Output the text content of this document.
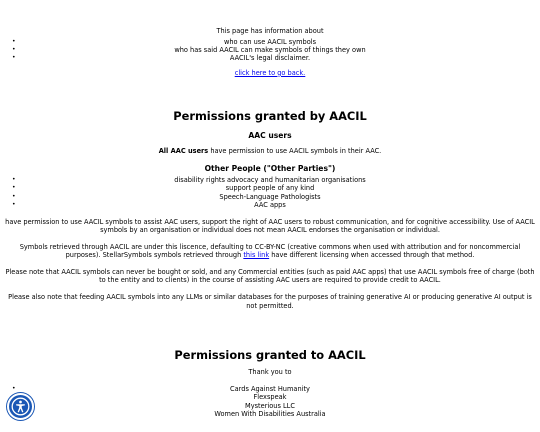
This page has information about
• who can use AACIL symbols
• who has said AACIL can make symbols of things they own
• AACIL's legal disclaimer.
click here to go back.
Permissions granted by AACIL
AAC users

All AAC users have permission to use AACIL symbols in their AAC.

Other People ("Other Parties")
• disability rights advocacy and humanitarian organisations
• support people of any kind
• Speech-Language Pathologists
• AAC apps

have permission to use AACIL symbols to assist AAC users, support the right of AAC users to robust communication, and for cognitive accessibility. Use of AACIL symbols by an organisation or individual does not mean AACIL endorses the organisation or individual.

Symbols retrieved through AACIL are under this liscence, defaulting to CC-BY-NC (creative commons when used with attribution and for noncommercial purposes). StellarSymbols symbols retrieved through this link have different licensing when accessed through that method.

Please note that AACIL symbols can never be bought or sold, and any Commercial entities (such as paid AAC apps) that use AACIL symbols free of charge (both to the entity and to clients) in the course of assisting AAC users are required to provide credit to AACIL.

Please also note that feeding AACIL symbols into any LLMs or similar databases for the purposes of training generative AI or producing generative AI output is not permitted.

Permissions granted to AACIL

Thank you to

• Cards Against Humanity
• Flexspeak
• Mysterious LLC
• Women With Disabilities Australia
